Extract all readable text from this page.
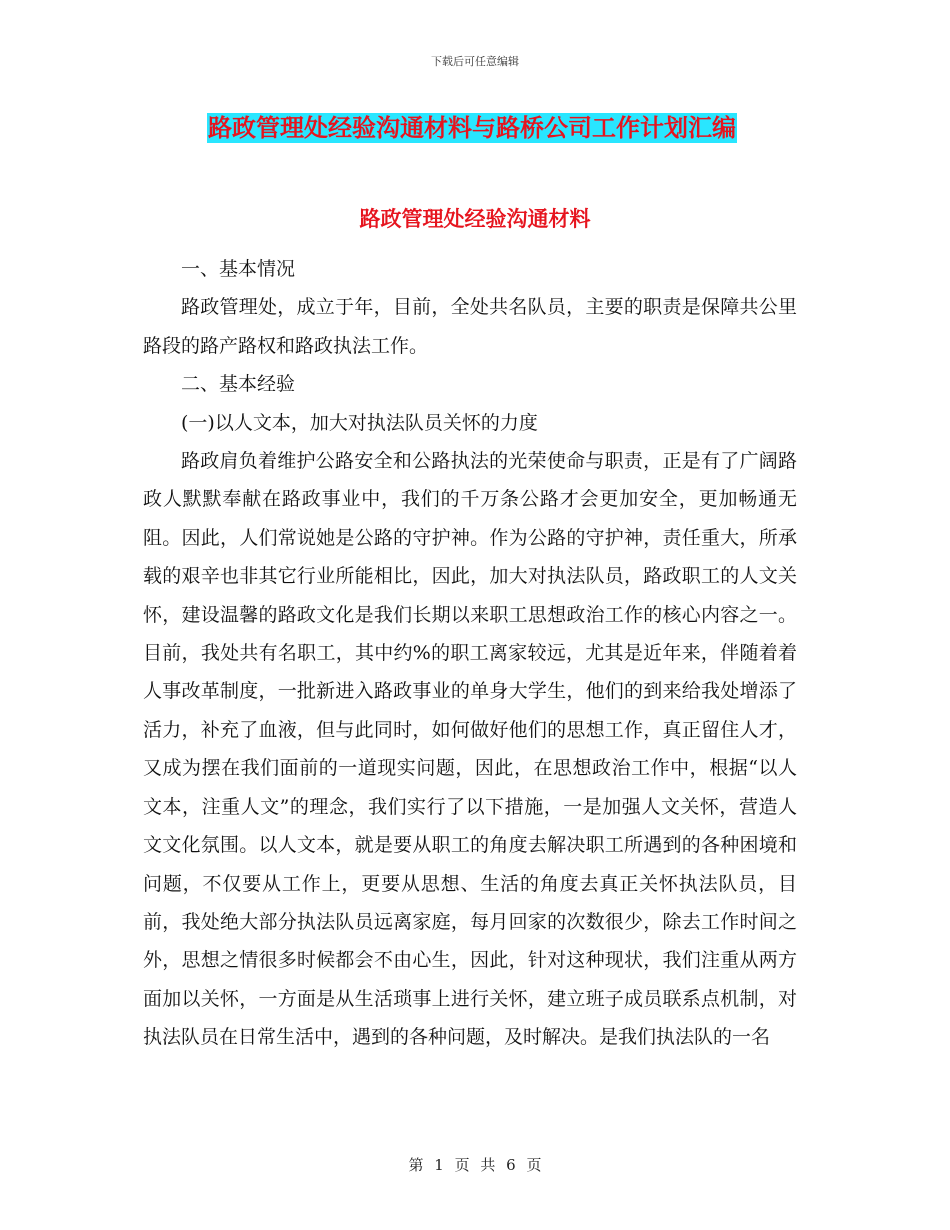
下载后可任意编辑
路政管理处经验沟通材料与路桥公司工作计划汇编
路政管理处经验沟通材料

一、基本情况

路政管理处，成立于年，目前，全处共名队员，主要的职责是保障共公里路段的路产路权和路政执法工作。

二、基本经验

(一)以人文本，加大对执法队员关怀的力度

路政肩负着维护公路安全和公路执法的光荣使命与职责，正是有了广阔路政人默默奉献在路政事业中，我们的千万条公路才会更加安全，更加畅通无阻。因此，人们常说她是公路的守护神。作为公路的守护神，责任重大，所承载的艰辛也非其它行业所能相比，因此，加大对执法队员，路政职工的人文关怀，建设温馨的路政文化是我们长期以来职工思想政治工作的核心内容之一。目前，我处共有名职工，其中约%的职工离家较远，尤其是近年来，伴随着着人事改革制度，一批新进入路政事业的单身大学生，他们的到来给我处增添了活力，补充了血液，但与此同时，如何做好他们的思想工作，真正留住人才，又成为摆在我们面前的一道现实问题，因此，在思想政治工作中，根据“以人文本，注重人文”的理念，我们实行了以下措施，一是加强人文关怀，营造人文文化氛围。以人文本，就是要从职工的角度去解决职工所遇到的各种困境和问题，不仅要从工作上，更要从思想、生活的角度去真正关怀执法队员，目前，我处绝大部分执法队员远离家庭，每月回家的次数很少，除去工作时间之外，思想之情很多时候都会不由心生，因此，针对这种现状，我们注重从两方面加以关怀，一方面是从生活琐事上进行关怀，建立班子成员联系点机制，对执法队员在日常生活中，遇到的各种问题，及时解决。是我们执法队的一名

第 1 页 共 6 页
